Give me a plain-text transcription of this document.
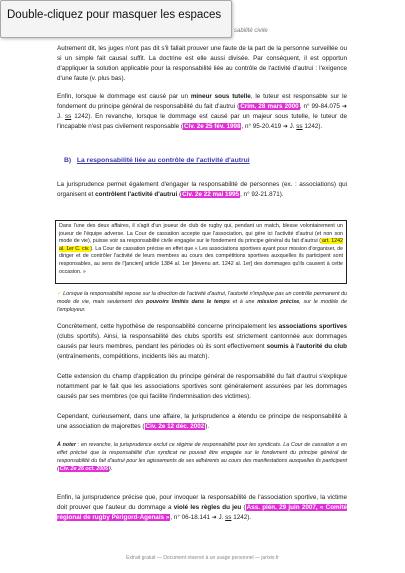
Double-cliquez pour masquer les espaces
sabilité civile

Autrement dit, les juges n'ont pas dit s'il fallait prouver une faute de la part de la personne surveillée ou si un simple fait causal suffit. La doctrine est elle aussi divisée. Par conséquent, il est opportun d'appliquer la solution applicable pour la responsabilité liée au contrôle de l'activité d'autrui : l'exigence d'une faute (v. plus bas).

Enfin, lorsque le dommage est causé par un mineur sous tutelle, le tuteur est responsable sur le fondement du principe général de responsabilité du fait d'autrui (Crim. 28 mars 2000, n° 99-84.075 ➜ J. ss 1242). En revanche, lorsque le dommage est causé par un majeur sous tutelle, le tuteur de l'incapable n'est pas civilement responsable (Civ. 2e 25 fév. 1998, n° 95-20.419 ➜ J. ss 1242).

B) La responsabilité liée au contrôle de l'activité d'autrui

La jurisprudence permet également d'engager la responsabilité de personnes (ex. : associations) qui organisent et contrôlent l'activité d'autrui (Civ. 2e 22 mai 1995, n° 92-21.871).

Dans l'une des deux affaires, il s'agit d'un joueur de club de rugby qui, pendant un match, blesse volontairement un joueur de l'équipe adverse. La Cour de cassation accepte que l'association, qui gère ici l'activité d'autrui (et non son mode de vie), puisse voir sa responsabilité civile engagée sur le fondement du principe général du fait d'autrui (art. 1242 al. 1er C. civ.). La Cour de cassation précise en effet que « Les associations sportives ayant pour mission d'organiser, de diriger et de contrôler l'activité de leurs membres au cours des compétitions sportives auxquelles ils participent sont responsables, au sens de l'[ancien] article 1384 al. 1er [devenu art. 1242 al. 1er] des dommages qu'ils causent à cette occasion. »
✓ Lorsque la responsabilité repose sur la direction de l'activité d'autrui, l'autorité n'implique pas un contrôle permanent du mode de vie, mais seulement des pouvoirs limités dans le temps et à une mission précise, sur le modèle de l'employeur.

Concrètement, cette hypothèse de responsabilité concerne principalement les associations sportives (clubs sportifs). Ainsi, la responsabilité des clubs sportifs est strictement cantonnée aux dommages causés par leurs membres, pendant les périodes où ils sont effectivement soumis à l'autorité du club (entraînements, compétitions, incidents liés au match).

Cette extension du champ d'application du principe général de responsabilité du fait d'autrui s'explique notamment par le fait que les associations sportives sont généralement assurées par les dommages causés par ses membres (ce qui facilite l'indemnisation des victimes).

Cependant, curieusement, dans une affaire, la jurisprudence a étendu ce principe de responsabilité à une association de majorettes (Civ. 2e 12 déc. 2002).

À noter : en revanche, la jurisprudence exclut ce régime de responsabilité pour les syndicats. La Cour de cassation a en effet précisé que la responsabilité d'un syndicat ne pouvait être engagée sur le fondement du principe général de responsabilité du fait d'autrui pour les agissements de ses adhérents au cours des manifestations auxquelles ils participent (Civ. 2e 26 oct. 2006).

Enfin, la jurisprudence précise que, pour invoquer la responsabilité de l'association sportive, la victime doit prouver que l'auteur du dommage a violé les règles du jeu (Ass. plén. 29 juin 2007, « Comité régional de rugby Périgord-Agenais », n° 06-18.141 ➜ J. ss 1242).

Extrait gratuit — Document réservé à un usage personnel — jurixio.fr
